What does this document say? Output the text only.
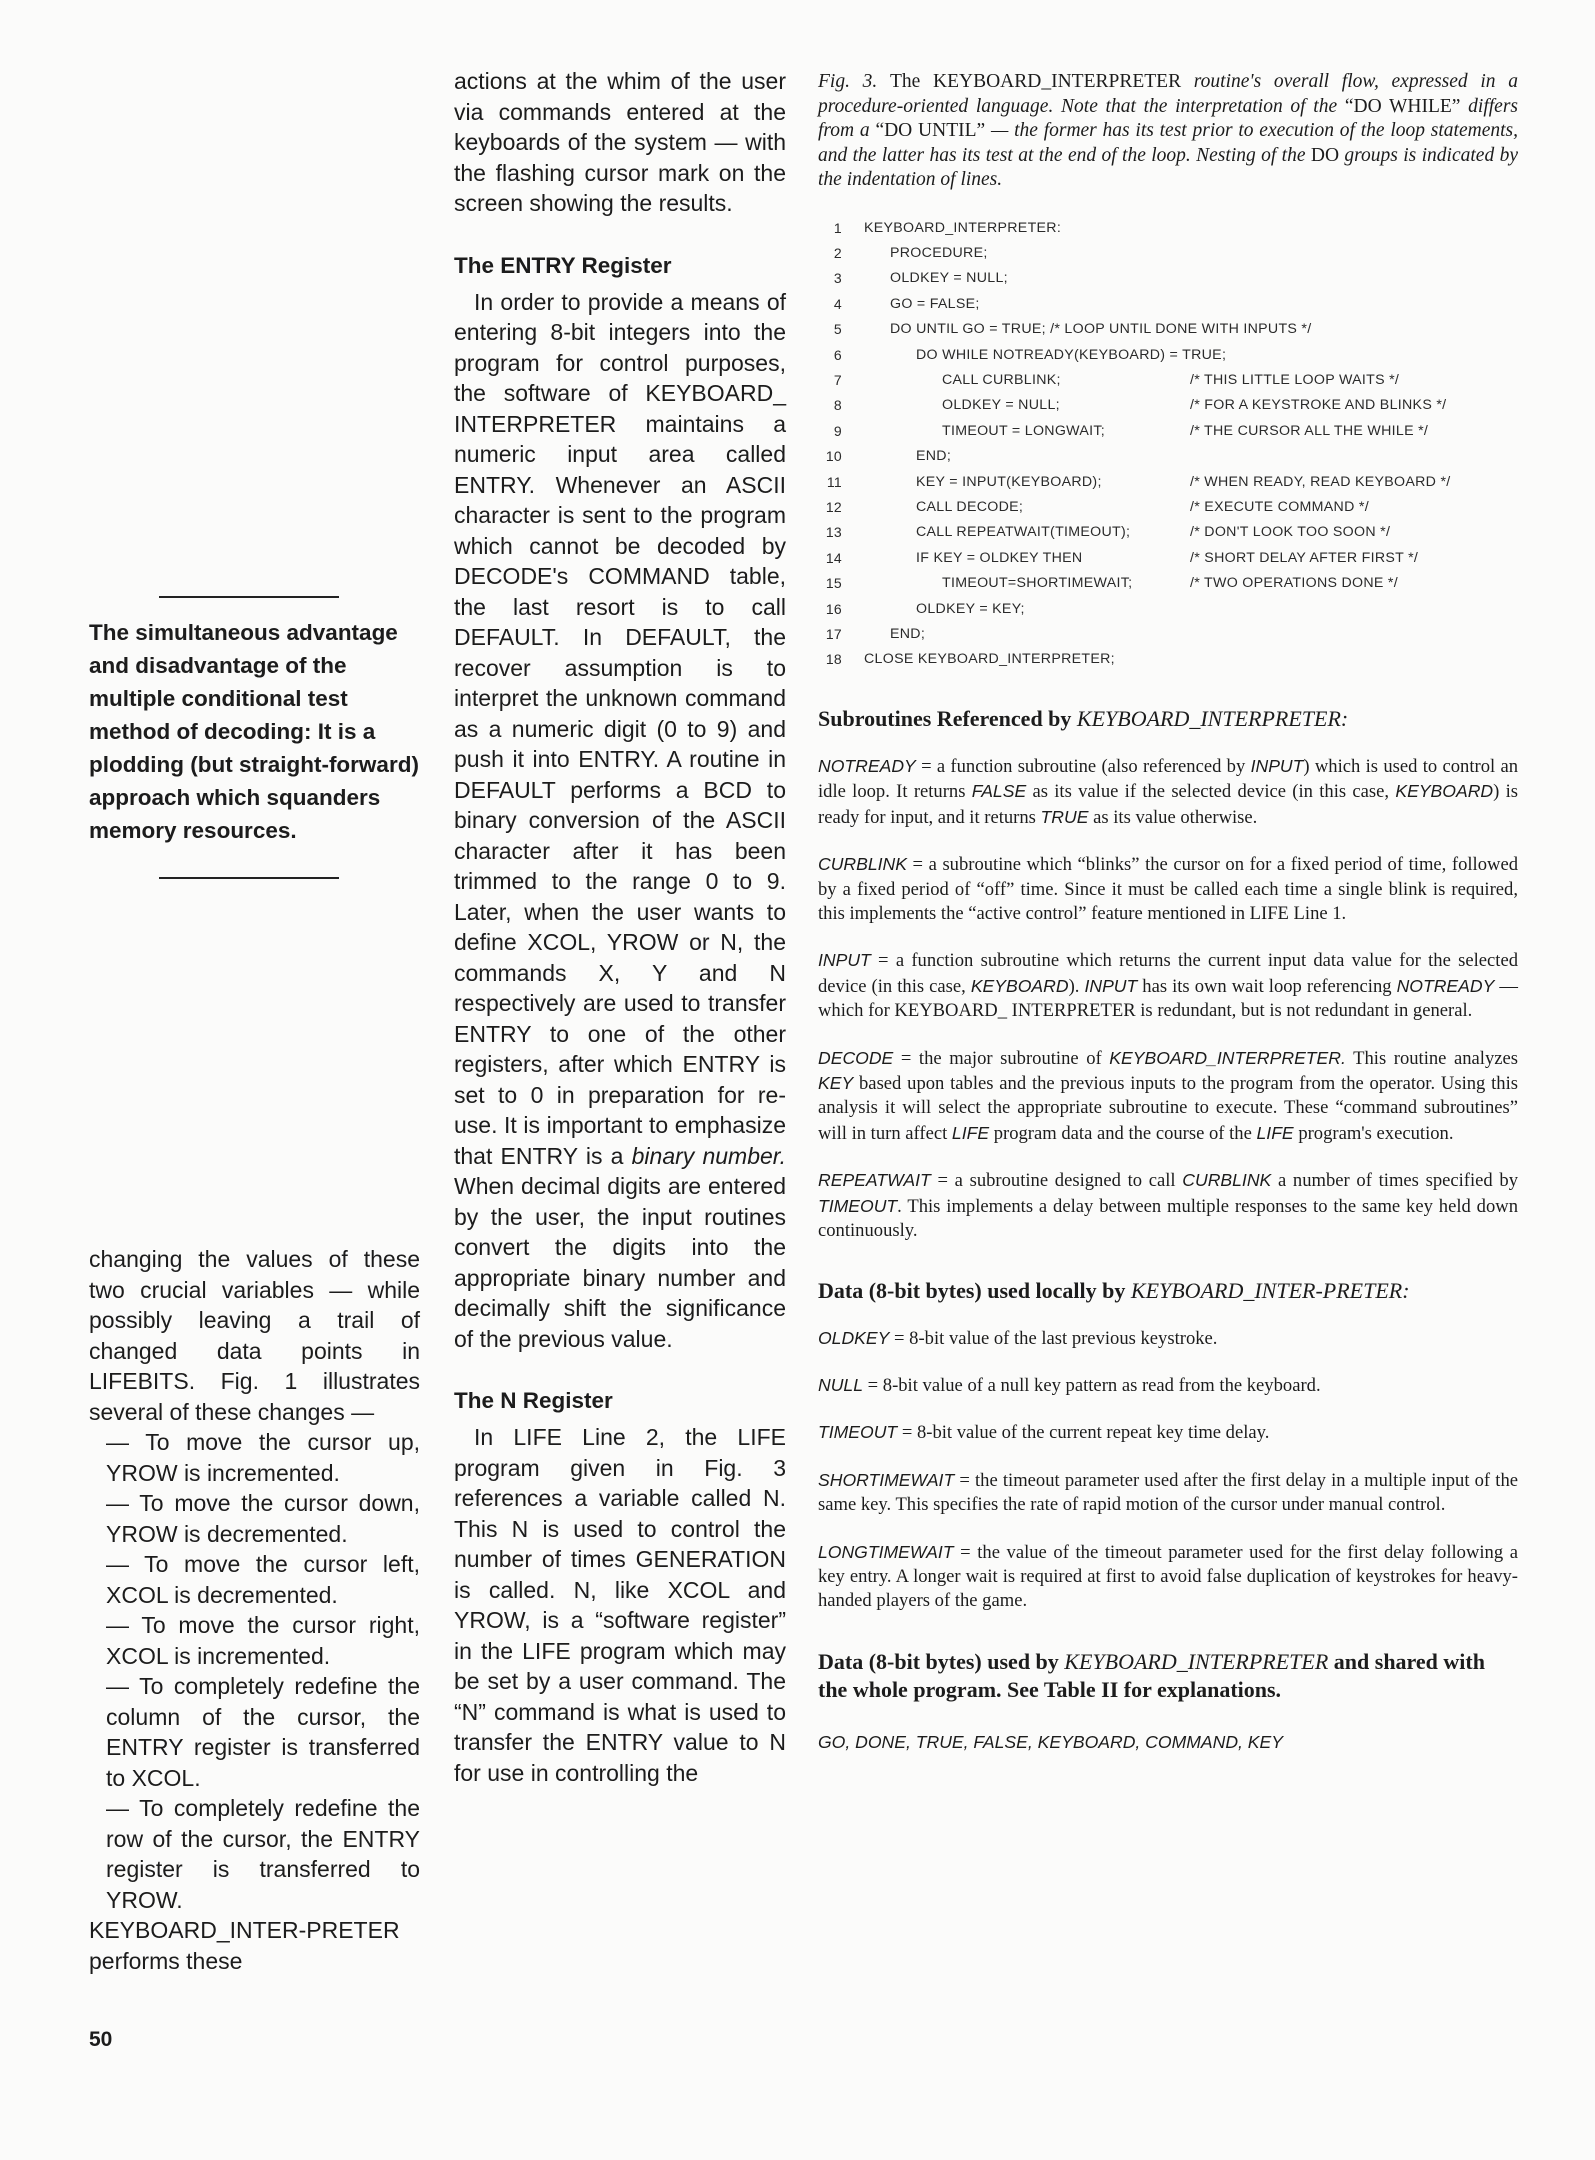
The simultaneous advantage and disadvantage of the multiple conditional test method of decoding: It is a plodding (but straight-forward) approach which squanders memory resources.
changing the values of these two crucial variables — while possibly leaving a trail of changed data points in LIFEBITS. Fig. 1 illustrates several of these changes —
— To move the cursor up, YROW is incremented.
— To move the cursor down, YROW is decremented.
— To move the cursor left, XCOL is decremented.
— To move the cursor right, XCOL is incremented.
— To completely redefine the column of the cursor, the ENTRY register is transferred to XCOL.
— To completely redefine the row of the cursor, the ENTRY register is transferred to YROW.
KEYBOARD_INTER-PRETER performs these

actions at the whim of the user via commands entered at the keyboards of the system — with the flashing cursor mark on the screen showing the results.

The ENTRY Register

In order to provide a means of entering 8-bit integers into the program for control purposes, the software of KEYBOARD_ INTERPRETER maintains a numeric input area called ENTRY. Whenever an ASCII character is sent to the program which cannot be decoded by DECODE's COMMAND table, the last resort is to call DEFAULT. In DEFAULT, the recover assumption is to interpret the unknown command as a numeric digit (0 to 9) and push it into ENTRY. A routine in DEFAULT performs a BCD to binary conversion of the ASCII character after it has been trimmed to the range 0 to 9. Later, when the user wants to define XCOL, YROW or N, the commands X, Y and N respectively are used to transfer ENTRY to one of the other registers, after which ENTRY is set to 0 in preparation for re-use. It is important to emphasize that ENTRY is a binary number. When decimal digits are entered by the user, the input routines convert the digits into the appropriate binary number and decimally shift the significance of the previous value.

The N Register

In LIFE Line 2, the LIFE program given in Fig. 3 references a variable called N. This N is used to control the number of times GENERATION is called. N, like XCOL and YROW, is a “software register” in the LIFE program which may be set by a user command. The “N” command is what is used to transfer the ENTRY value to N for use in controlling the

Fig. 3. The KEYBOARD_INTERPRETER routine's overall flow, expressed in a procedure-oriented language. Note that the interpretation of the “DO WHILE” differs from a “DO UNTIL” — the former has its test prior to execution of the loop statements, and the latter has its test at the end of the loop. Nesting of the DO groups is indicated by the indentation of lines.

1 KEYBOARD_INTERPRETER:
2	PROCEDURE;
3	OLDKEY = NULL;
4	GO = FALSE;
5	DO UNTIL GO = TRUE; /* LOOP UNTIL DONE WITH INPUTS */
6	DO WHILE NOTREADY(KEYBOARD) = TRUE;
7	CALL CURBLINK;	/* THIS LITTLE LOOP WAITS */
8	OLDKEY = NULL;	/* FOR A KEYSTROKE AND BLINKS */
9	TIMEOUT = LONGWAIT;	/* THE CURSOR ALL THE WHILE */
10	END;
11	KEY = INPUT(KEYBOARD);	/* WHEN READY, READ KEYBOARD */
12	CALL DECODE;	/* EXECUTE COMMAND */
13	CALL REPEATWAIT(TIMEOUT);	/* DON'T LOOK TOO SOON */
14	IF KEY = OLDKEY THEN	/* SHORT DELAY AFTER FIRST */
15	TIMEOUT=SHORTIMEWAIT;	/* TWO OPERATIONS DONE */
16	OLDKEY = KEY;
17	END;
18 CLOSE KEYBOARD_INTERPRETER;
Subroutines Referenced by KEYBOARD_INTERPRETER:

NOTREADY = a function subroutine (also referenced by INPUT) which is used to control an idle loop. It returns FALSE as its value if the selected device (in this case, KEYBOARD) is ready for input, and it returns TRUE as its value otherwise.

CURBLINK = a subroutine which “blinks” the cursor on for a fixed period of time, followed by a fixed period of “off” time. Since it must be called each time a single blink is required, this implements the “active control” feature mentioned in LIFE Line 1.

INPUT = a function subroutine which returns the current input data value for the selected device (in this case, KEYBOARD). INPUT has its own wait loop referencing NOTREADY — which for KEYBOARD_ INTERPRETER is redundant, but is not redundant in general.

DECODE = the major subroutine of KEYBOARD_INTERPRETER. This routine analyzes KEY based upon tables and the previous inputs to the program from the operator. Using this analysis it will select the appropriate subroutine to execute. These “command subroutines” will in turn affect LIFE program data and the course of the LIFE program's execution.

REPEATWAIT = a subroutine designed to call CURBLINK a number of times specified by TIMEOUT. This implements a delay between multiple responses to the same key held down continuously.

Data (8-bit bytes) used locally by KEYBOARD_INTER-PRETER:

OLDKEY = 8-bit value of the last previous keystroke.

NULL = 8-bit value of a null key pattern as read from the keyboard.

TIMEOUT = 8-bit value of the current repeat key time delay.

SHORTIMEWAIT = the timeout parameter used after the first delay in a multiple input of the same key. This specifies the rate of rapid motion of the cursor under manual control.

LONGTIMEWAIT = the value of the timeout parameter used for the first delay following a key entry. A longer wait is required at first to avoid false duplication of keystrokes for heavy-handed players of the game.

Data (8-bit bytes) used by KEYBOARD_INTERPRETER and shared with the whole program. See Table II for explanations.
GO, DONE, TRUE, FALSE, KEYBOARD, COMMAND, KEY
50
